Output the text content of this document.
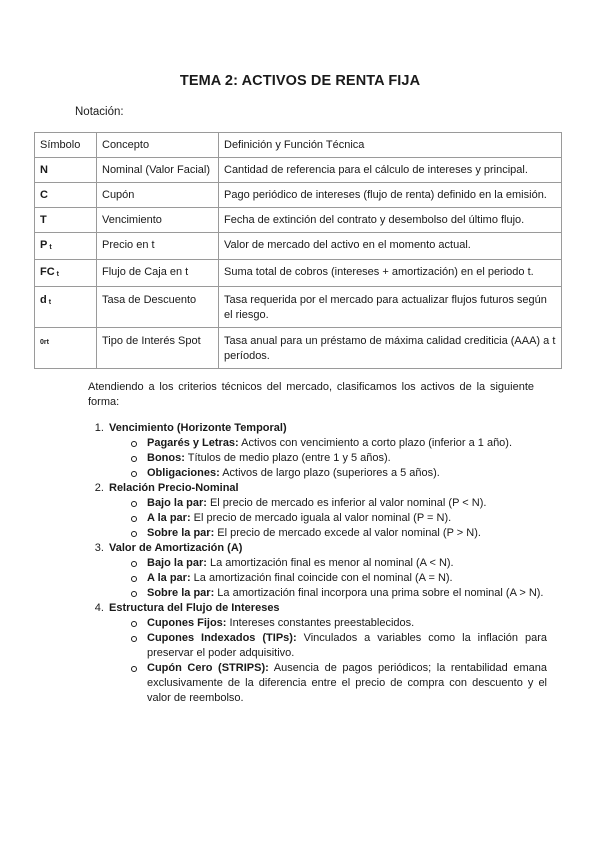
TEMA 2: ACTIVOS DE RENTA FIJA
Notación:
Símbolo	Concepto	Definición y Función Técnica
N	Nominal (Valor Facial)	Cantidad de referencia para el cálculo de intereses y principal.
C	Cupón	Pago periódico de intereses (flujo de renta) definido en la emisión.
T	Vencimiento	Fecha de extinción del contrato y desembolso del último flujo.
P t	Precio en t	Valor de mercado del activo en el momento actual.
FC t	Flujo de Caja en t	Suma total de cobros (intereses + amortización) en el periodo t.
d t	Tasa de Descuento	Tasa requerida por el mercado para actualizar flujos futuros según el riesgo.
0rt	Tipo de Interés Spot	Tasa anual para un préstamo de máxima calidad crediticia (AAA) a t períodos.
Atendiendo a los criterios técnicos del mercado, clasificamos los activos de la siguiente forma:
1. Vencimiento (Horizonte Temporal)
Pagarés y Letras: Activos con vencimiento a corto plazo (inferior a 1 año).
Bonos: Títulos de medio plazo (entre 1 y 5 años).
Obligaciones: Activos de largo plazo (superiores a 5 años).
2. Relación Precio-Nominal
Bajo la par: El precio de mercado es inferior al valor nominal (P < N).
A la par: El precio de mercado iguala al valor nominal (P = N).
Sobre la par: El precio de mercado excede al valor nominal (P > N).
3. Valor de Amortización (A)
Bajo la par: La amortización final es menor al nominal (A < N).
A la par: La amortización final coincide con el nominal (A = N).
Sobre la par: La amortización final incorpora una prima sobre el nominal (A > N).
4. Estructura del Flujo de Intereses
Cupones Fijos: Intereses constantes preestablecidos.
Cupones Indexados (TIPs): Vinculados a variables como la inflación para preservar el poder adquisitivo.
Cupón Cero (STRIPS): Ausencia de pagos periódicos; la rentabilidad emana exclusivamente de la diferencia entre el precio de compra con descuento y el valor de reembolso.
